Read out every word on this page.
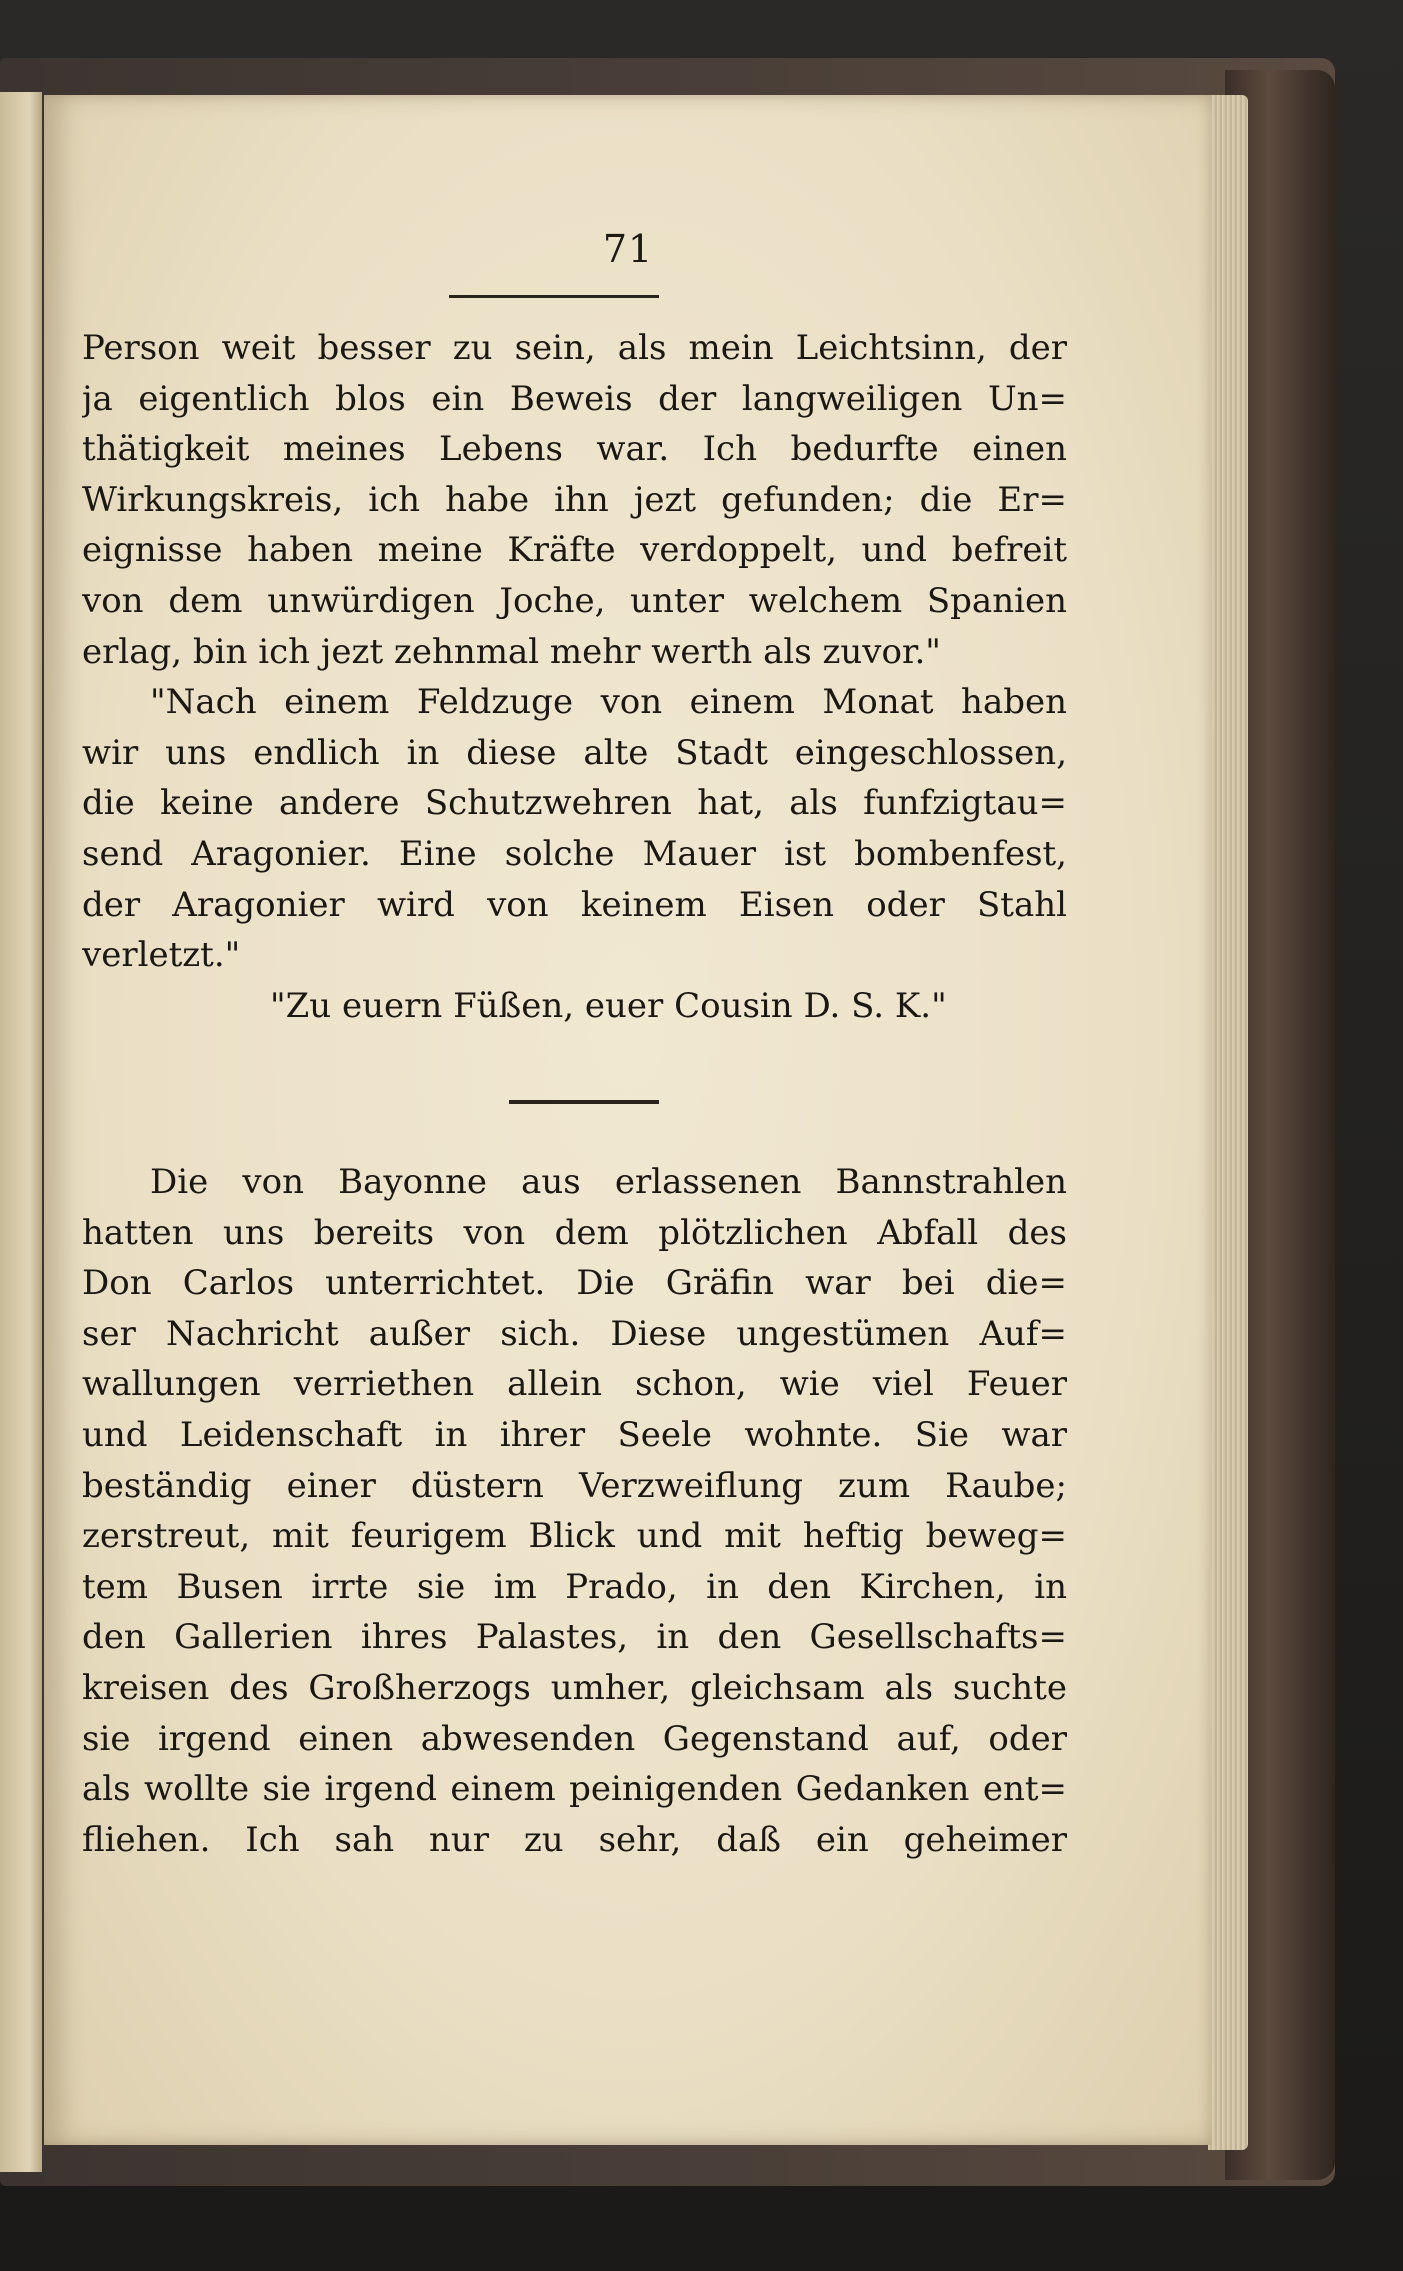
71
Person weit besser zu sein, als mein Leichtsinn, der
ja eigentlich blos ein Beweis der langweiligen Un=
thätigkeit meines Lebens war. Ich bedurfte einen
Wirkungskreis, ich habe ihn jezt gefunden; die Er=
eignisse haben meine Kräfte verdoppelt, und befreit
von dem unwürdigen Joche, unter welchem Spanien
erlag, bin ich jezt zehnmal mehr werth als zuvor."
"Nach einem Feldzuge von einem Monat haben
wir uns endlich in diese alte Stadt eingeschlossen,
die keine andere Schutzwehren hat, als funfzigtau=
send Aragonier. Eine solche Mauer ist bombenfest,
der Aragonier wird von keinem Eisen oder Stahl
verletzt."
"Zu euern Füßen, euer Cousin D. S. K."
Die von Bayonne aus erlassenen Bannstrahlen
hatten uns bereits von dem plötzlichen Abfall des
Don Carlos unterrichtet. Die Gräfin war bei die=
ser Nachricht außer sich. Diese ungestümen Auf=
wallungen verriethen allein schon, wie viel Feuer
und Leidenschaft in ihrer Seele wohnte. Sie war
beständig einer düstern Verzweiflung zum Raube;
zerstreut, mit feurigem Blick und mit heftig beweg=
tem Busen irrte sie im Prado, in den Kirchen, in
den Gallerien ihres Palastes, in den Gesellschafts=
kreisen des Großherzogs umher, gleichsam als suchte
sie irgend einen abwesenden Gegenstand auf, oder
als wollte sie irgend einem peinigenden Gedanken ent=
fliehen. Ich sah nur zu sehr, daß ein geheimer
